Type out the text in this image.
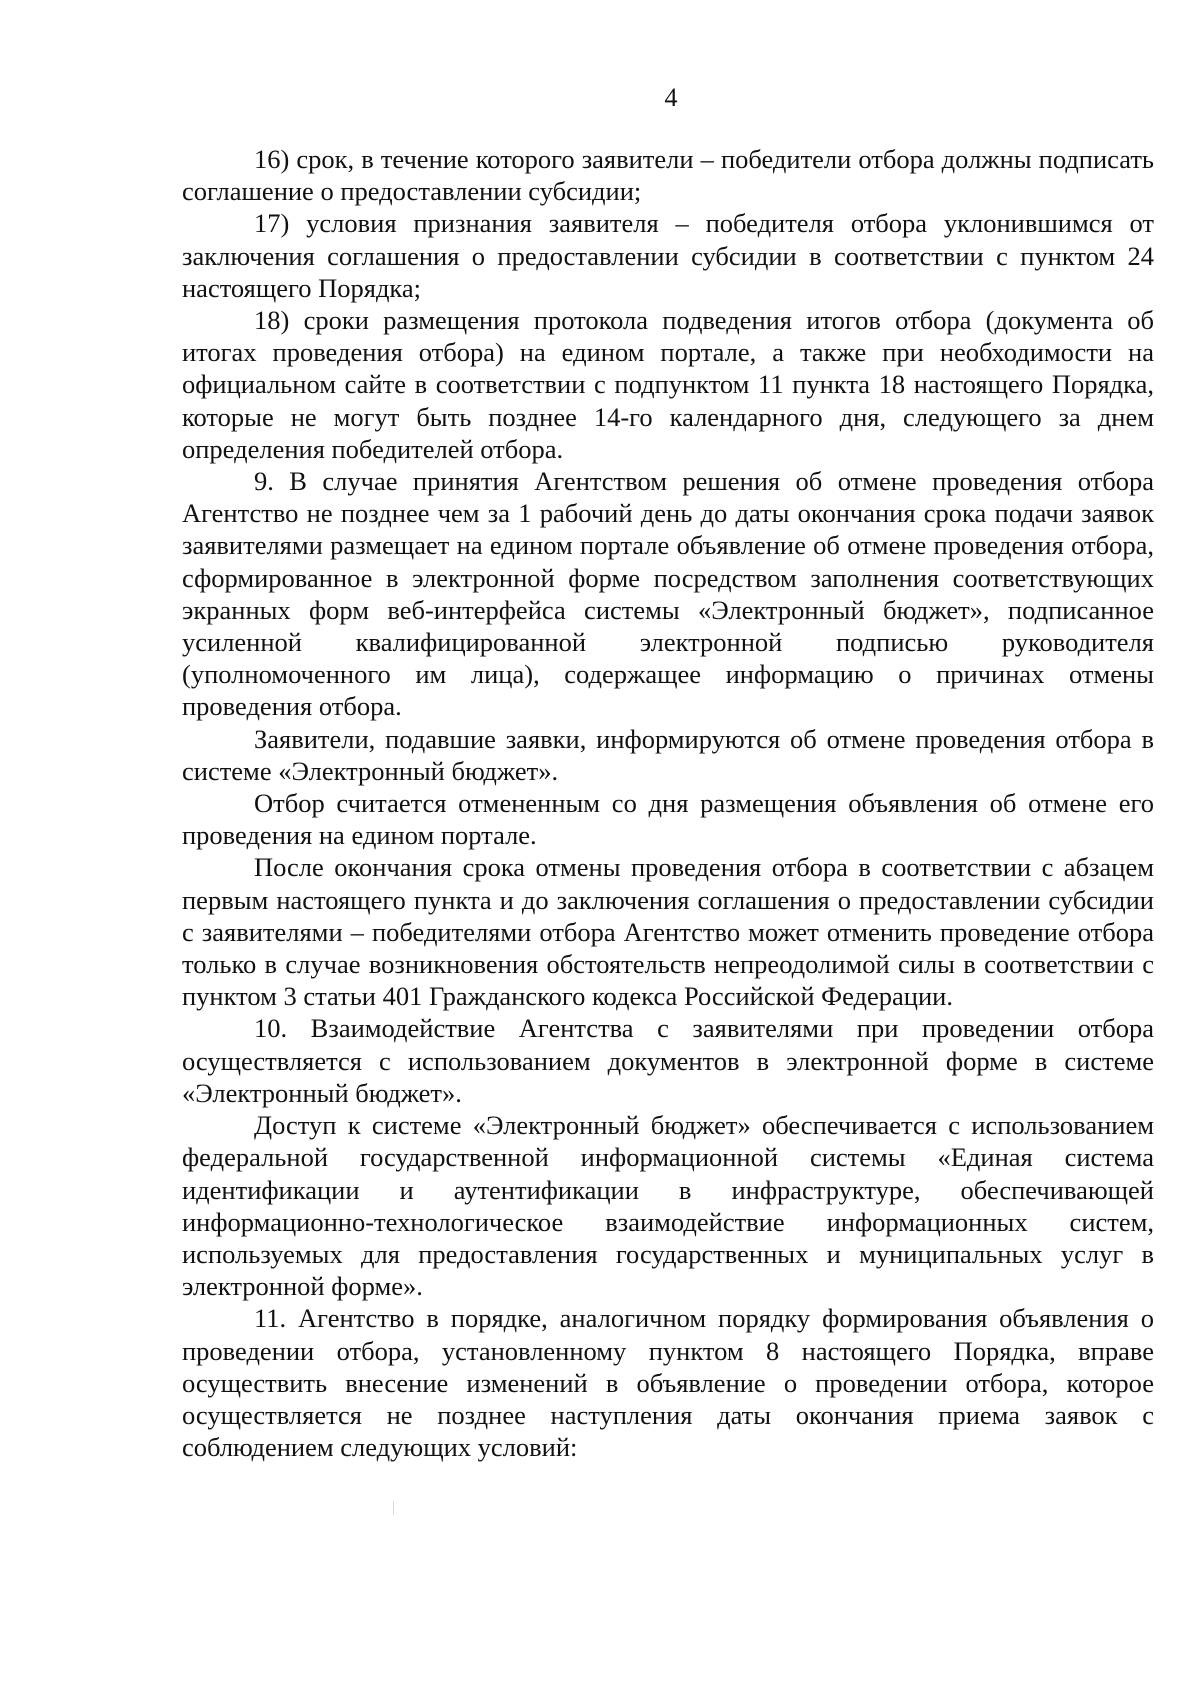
4

16) срок, в течение которого заявители – победители отбора должны подписать соглашение о предоставлении субсидии;

17) условия признания заявителя – победителя отбора уклонившимся от заключения соглашения о предоставлении субсидии в соответствии с пунктом 24 настоящего Порядка;

18) сроки размещения протокола подведения итогов отбора (документа об итогах проведения отбора) на едином портале, а также при необходимости на официальном сайте в соответствии с подпунктом 11 пункта 18 настоящего Порядка, которые не могут быть позднее 14-го календарного дня, следующего за днем определения победителей отбора.

9. В случае принятия Агентством решения об отмене проведения отбора Агентство не позднее чем за 1 рабочий день до даты окончания срока подачи заявок заявителями размещает на едином портале объявление об отмене проведения отбора, сформированное в электронной форме посредством заполнения соответствующих экранных форм веб-интерфейса системы «Электронный бюджет», подписанное усиленной квалифицированной электронной подписью руководителя (уполномоченного им лица), содержащее информацию о причинах отмены проведения отбора.

Заявители, подавшие заявки, информируются об отмене проведения отбора в системе «Электронный бюджет».

Отбор считается отмененным со дня размещения объявления об отмене его проведения на едином портале.

После окончания срока отмены проведения отбора в соответствии с абзацем первым настоящего пункта и до заключения соглашения о предоставлении субсидии с заявителями – победителями отбора Агентство может отменить проведение отбора только в случае возникновения обстоятельств непреодолимой силы в соответствии с пунктом 3 статьи 401 Гражданского кодекса Российской Федерации.

10. Взаимодействие Агентства с заявителями при проведении отбора осуществляется с использованием документов в электронной форме в системе «Электронный бюджет».

Доступ к системе «Электронный бюджет» обеспечивается с использованием федеральной государственной информационной системы «Единая система идентификации и аутентификации в инфраструктуре, обеспечивающей информационно-технологическое взаимодействие информационных систем, используемых для предоставления государственных и муниципальных услуг в электронной форме».

11. Агентство в порядке, аналогичном порядку формирования объявления о проведении отбора, установленному пунктом 8 настоящего Порядка, вправе осуществить внесение изменений в объявление о проведении отбора, которое осуществляется не позднее наступления даты окончания приема заявок с соблюдением следующих условий:
